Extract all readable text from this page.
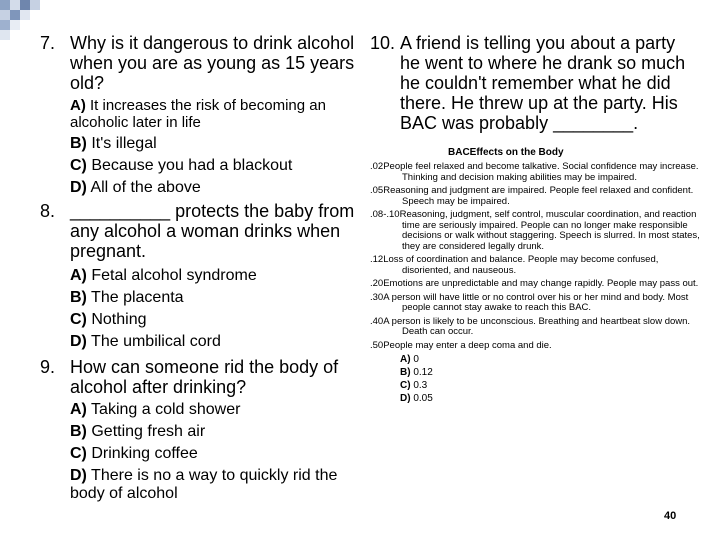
7. Why is it dangerous to drink alcohol when you are as young as 15 years old?
A) It increases the risk of becoming an alcoholic later in life
B) It's illegal
C) Because you had a blackout
D) All of the above
8. __________ protects the baby from any alcohol a woman drinks when pregnant.
A) Fetal alcohol syndrome
B) The placenta
C) Nothing
D) The umbilical cord
9. How can someone rid the body of alcohol after drinking?
A) Taking a cold shower
B) Getting fresh air
C) Drinking coffee
D) There is no a way to quickly rid the body of alcohol
10. A friend is telling you about a party he went to where he drank so much he couldn't remember what he did there. He threw up at the party. His BAC was probably ________.
BACEffects on the Body
.02People feel relaxed and become talkative. Social confidence may increase. Thinking and decision making abilities may be impaired.
.05Reasoning and judgment are impaired. People feel relaxed and confident. Speech may be impaired.
.08-.10Reasoning, judgment, self control, muscular coordination, and reaction time are seriously impaired. People can no longer make responsible decisions or walk without staggering. Speech is slurred. In most states, they are considered legally drunk.
.12Loss of coordination and balance. People may become confused, disoriented, and nauseous.
.20Emotions are unpredictable and may change rapidly. People may pass out.
.30A person will have little or no control over his or her mind and body. Most people cannot stay awake to reach this BAC.
.40A person is likely to be unconscious. Breathing and heartbeat slow down. Death can occur.
.50People may enter a deep coma and die.
A) 0
B) 0.12
C) 0.3
D) 0.05
40
